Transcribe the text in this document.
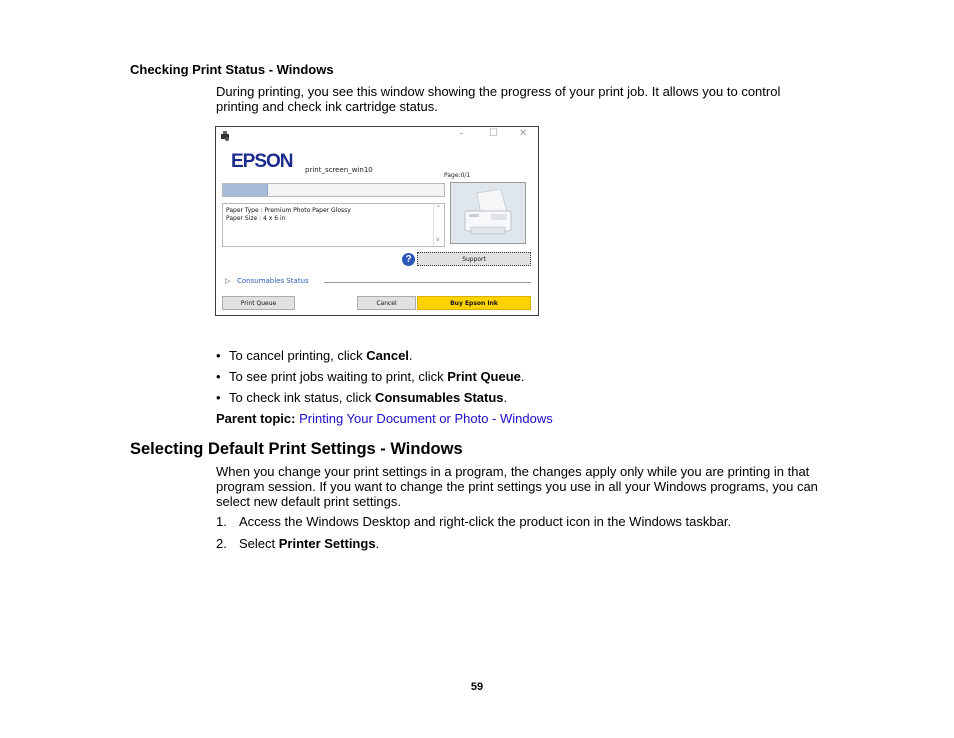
Checking Print Status - Windows
During printing, you see this window showing the progress of your print job. It allows you to control
printing and check ink cartridge status.
–	☐ ✕
EPSON print_screen_win10
Page:0/1
Paper Type : Premium Photo Paper Glossy
Paper Size : 4 x 6 in
^
v
?	Support
▷ Consumables Status
Print Queue	Cancel	Buy Epson Ink
• To cancel printing, click Cancel.
• To see print jobs waiting to print, click Print Queue.
• To check ink status, click Consumables Status.
Parent topic: Printing Your Document or Photo - Windows
Selecting Default Print Settings - Windows
When you change your print settings in a program, the changes apply only while you are printing in that
program session. If you want to change the print settings you use in all your Windows programs, you can
select new default print settings.
1. Access the Windows Desktop and right-click the product icon in the Windows taskbar.
2. Select Printer Settings.
59
